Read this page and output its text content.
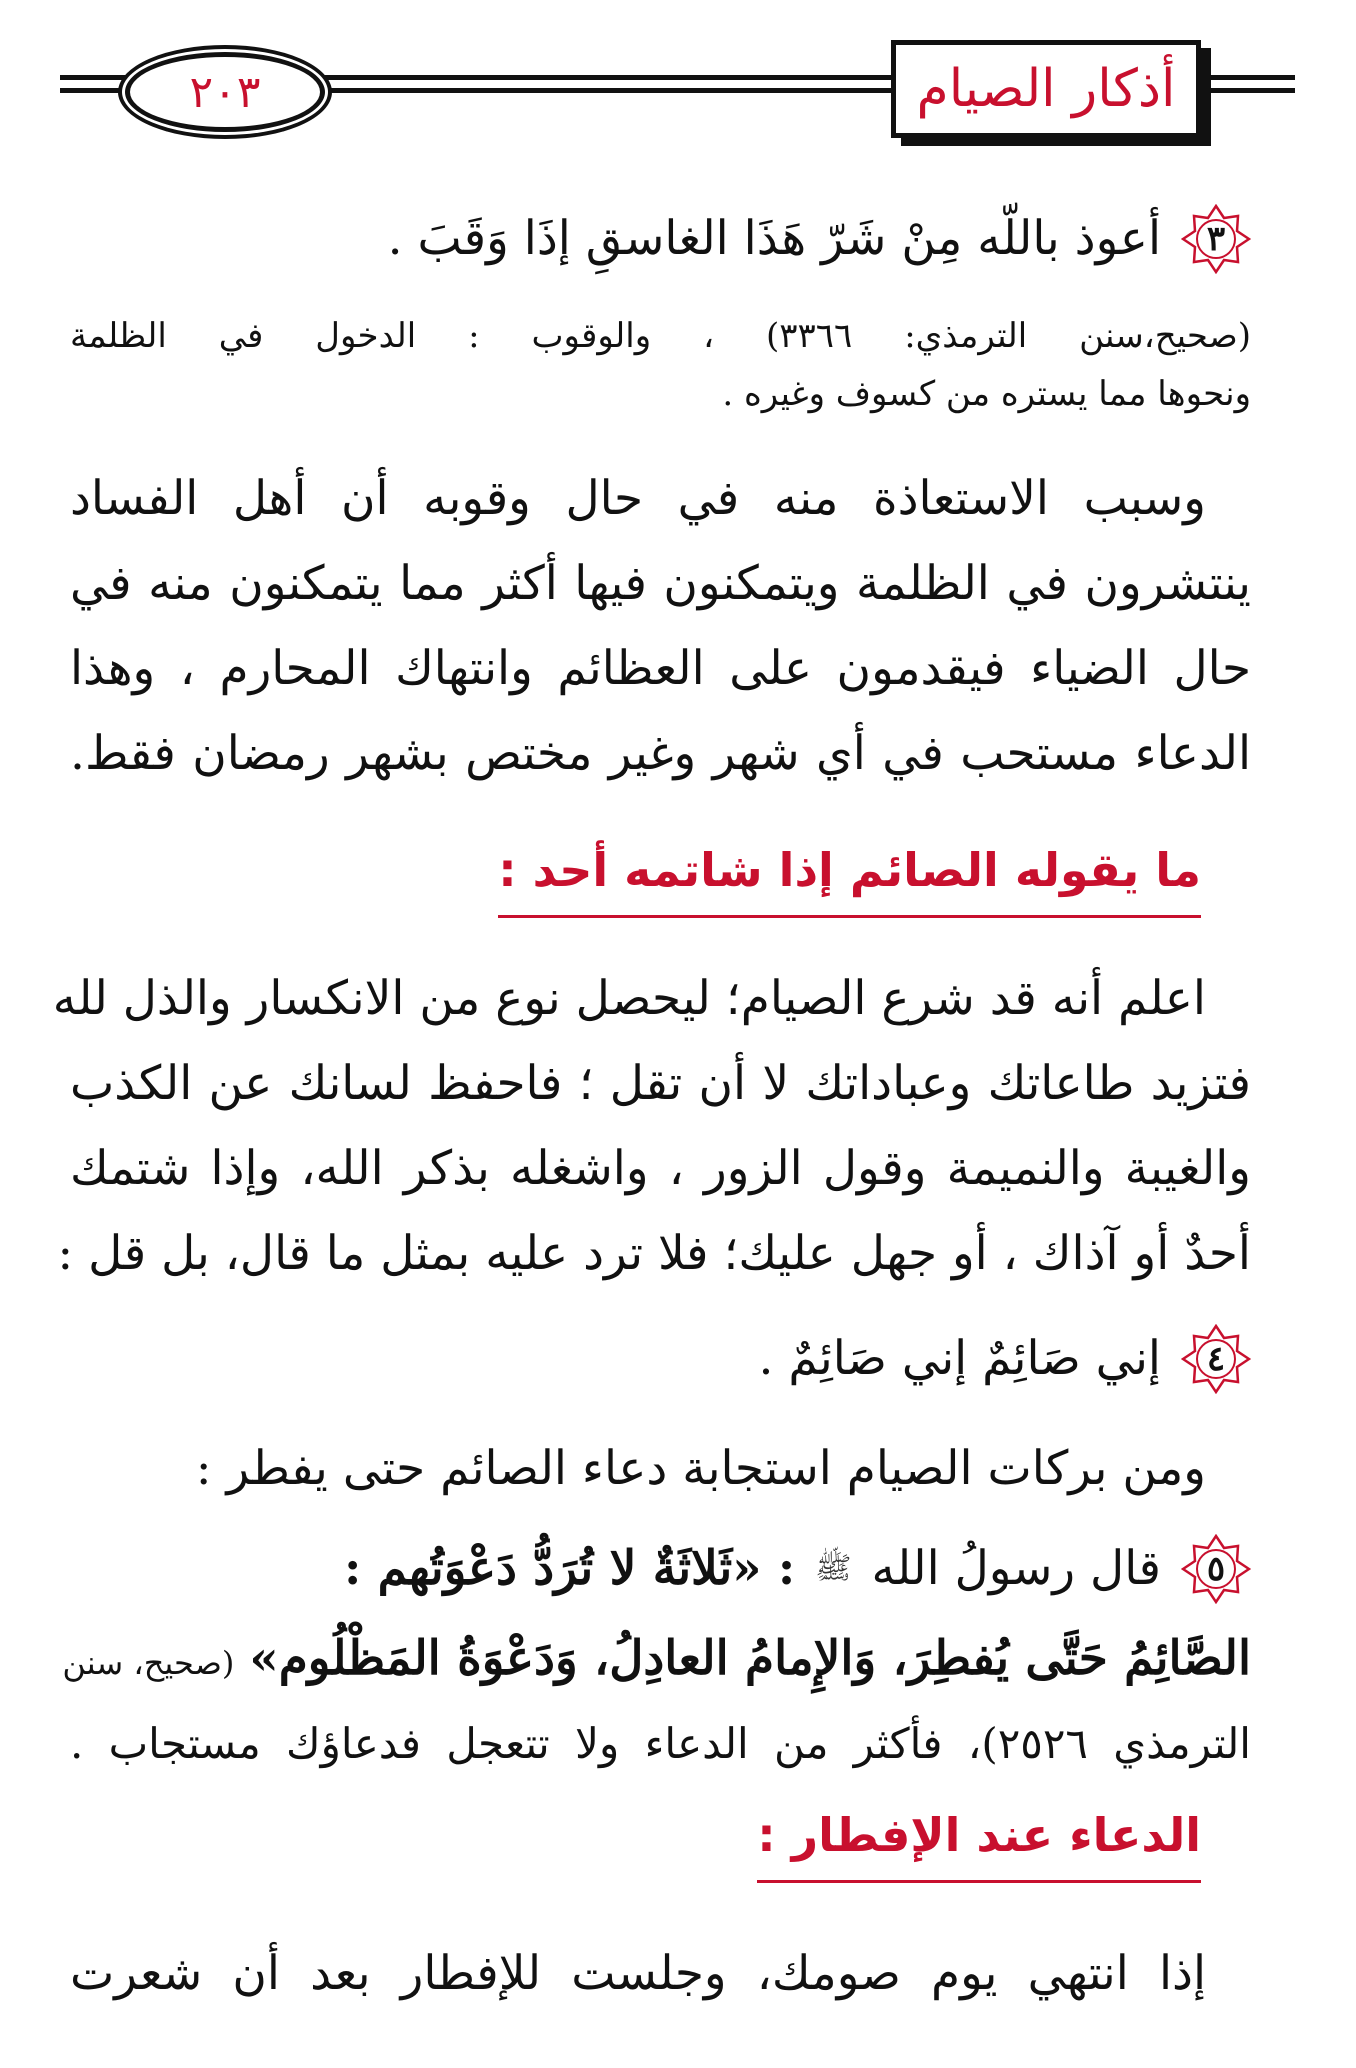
أذكار الصيام
٢٠٣
٣
أعوذ باللّه مِنْ شَرّ هَذَا الغاسقِ إذَا وَقَبَ .
(صحيح،سنن الترمذي: ٣٣٦٦) ، والوقوب : الدخول في الظلمة
ونحوها مما يستره من كسوف وغيره .
وسبب الاستعاذة منه في حال وقوبه أن أهل الفساد
ينتشرون في الظلمة ويتمكنون فيها أكثر مما يتمكنون منه في
حال الضياء فيقدمون على العظائم وانتهاك المحارم ، وهذا
الدعاء مستحب في أي شهر وغير مختص بشهر رمضان فقط.
ما يقوله الصائم إذا شاتمه أحد :
اعلم أنه قد شرع الصيام؛ ليحصل نوع من الانكسار والذل لله
فتزيد طاعاتك وعباداتك لا أن تقل ؛ فاحفظ لسانك عن الكذب
والغيبة والنميمة وقول الزور ، واشغله بذكر الله، وإذا شتمك
أحدٌ أو آذاك ، أو جهل عليك؛ فلا ترد عليه بمثل ما قال، بل قل :
٤
إني صَائِمٌ إني صَائِمٌ .
ومن بركات الصيام استجابة دعاء الصائم حتى يفطر :
٥
قال رسولُ الله
ﷺ
: «ثَلاثَةٌ لا تُرَدُّ دَعْوَتُهم :
الصَّائِمُ حَتَّى يُفطِرَ، وَالإِمامُ العادِلُ، وَدَعْوَةُ المَظْلُوم» (صحيح، سنن
الترمذي ٢٥٢٦)، فأكثر من الدعاء ولا تتعجل فدعاؤك مستجاب .
الدعاء عند الإفطار :
إذا انتهي يوم صومك، وجلست للإفطار بعد أن شعرت
